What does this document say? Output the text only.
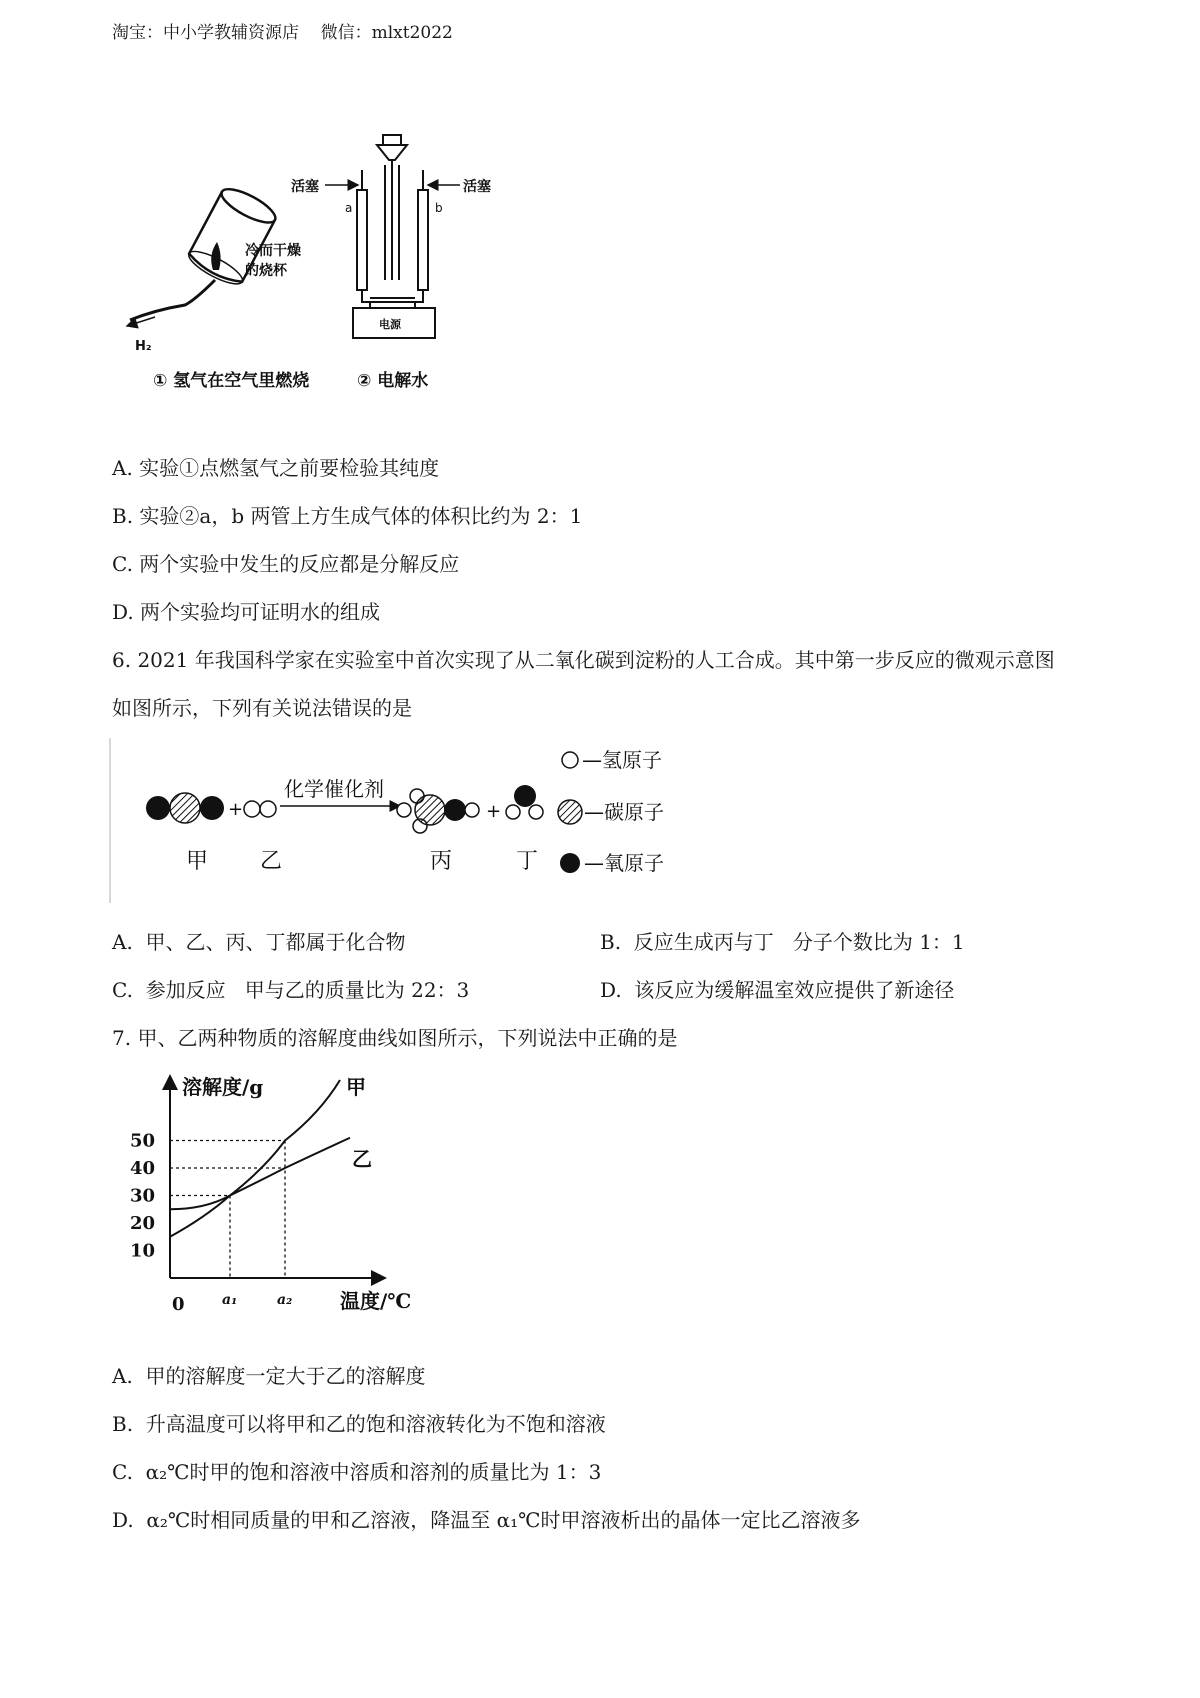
淘宝：中小学教辅资源店 微信：mlxt2022
H₂
冷而干燥
的烧杯
活塞	活塞
a	b
电源
① 氢气在空气里燃烧	② 电解水
A. 实验①点燃氢气之前要检验其纯度
B. 实验②a，b 两管上方生成气体的体积比约为 2：1
C. 两个实验中发生的反应都是分解反应
D. 两个实验均可证明水的组成
6. 2021 年我国科学家在实验室中首次实现了从二氧化碳到淀粉的人工合成。其中第一步反应的微观示意图
如图所示，下列有关说法错误的是
+
化学催化剂
+
甲 乙	丙	丁
—氢原子
—碳原子
—氧原子
A.  甲、乙、丙、丁都属于化合物	B.  反应生成丙与丁   分子个数比为 1：1
C.  参加反应   甲与乙的质量比为 22：3	D.  该反应为缓解温室效应提供了新途径
7. 甲、乙两种物质的溶解度曲线如图所示，下列说法中正确的是
溶解度/g
温度/℃
0
10
20
30
40
50
a₁	a₂
甲
乙
A.  甲的溶解度一定大于乙的溶解度
B.  升高温度可以将甲和乙的饱和溶液转化为不饱和溶液
C.  α₂℃时甲的饱和溶液中溶质和溶剂的质量比为 1：3
D.  α₂℃时相同质量的甲和乙溶液，降温至 α₁℃时甲溶液析出的晶体一定比乙溶液多
